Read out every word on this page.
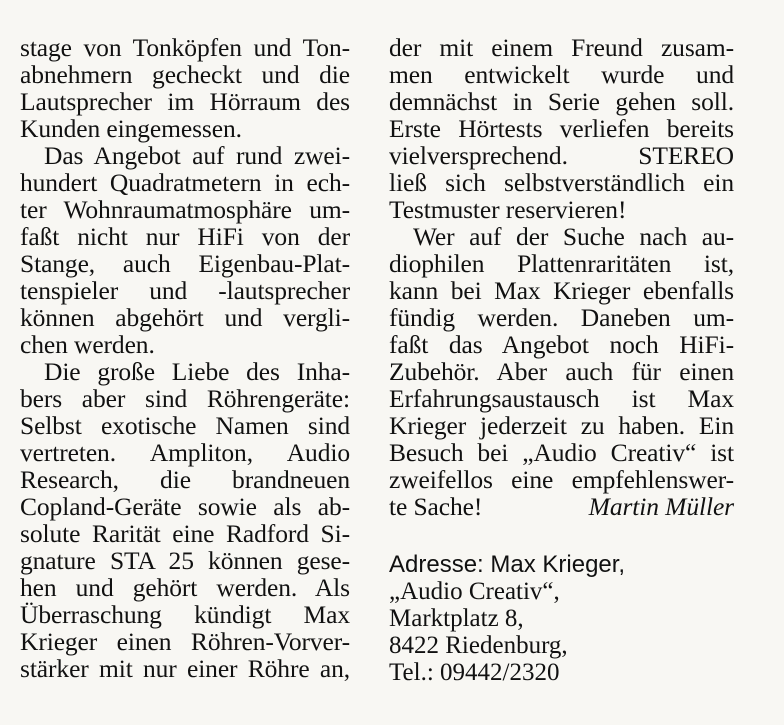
stage von Tonköpfen und Ton-
abnehmern gecheckt und die
Lautsprecher im Hörraum des
Kunden eingemessen.
Das Angebot auf rund zwei-
hundert Quadratmetern in ech-
ter Wohnraumatmosphäre um-
faßt nicht nur HiFi von der
Stange, auch Eigenbau-Plat-
tenspieler und -lautsprecher
können abgehört und vergli-
chen werden.
Die große Liebe des Inha-
bers aber sind Röhrengeräte:
Selbst exotische Namen sind
vertreten. Ampliton, Audio
Research, die brandneuen
Copland-Geräte sowie als ab-
solute Rarität eine Radford Si-
gnature STA 25 können gese-
hen und gehört werden. Als
Überraschung kündigt Max
Krieger einen Röhren-Vorver-
stärker mit nur einer Röhre an,
der mit einem Freund zusam-
men entwickelt wurde und
demnächst in Serie gehen soll.
Erste Hörtests verliefen bereits
vielversprechend. STEREO
ließ sich selbstverständlich ein
Testmuster reservieren!
Wer auf der Suche nach au-
diophilen Plattenraritäten ist,
kann bei Max Krieger ebenfalls
fündig werden. Daneben um-
faßt das Angebot noch HiFi-
Zubehör. Aber auch für einen
Erfahrungsaustausch ist Max
Krieger jederzeit zu haben. Ein
Besuch bei „Audio Creativ“ ist
zweifellos eine empfehlenswer-
te Sache!	Martin Müller
Adresse: Max Krieger,
„Audio Creativ“,
Marktplatz 8,
8422 Riedenburg,
Tel.: 09442/2320
